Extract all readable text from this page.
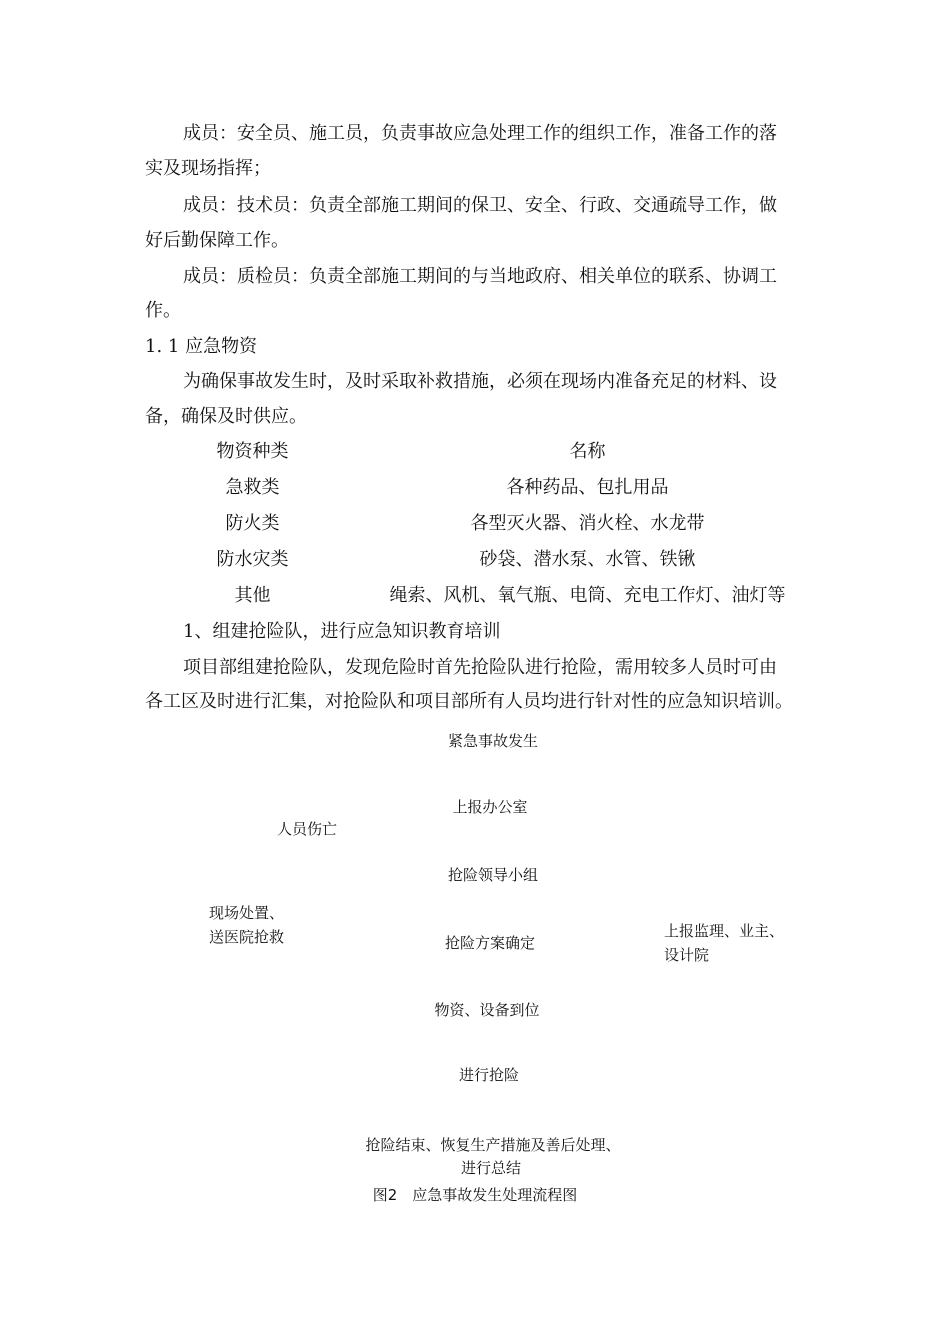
成员：安全员、施工员，负责事故应急处理工作的组织工作，准备工作的落
实及现场指挥；
成员：技术员：负责全部施工期间的保卫、安全、行政、交通疏导工作，做
好后勤保障工作。
成员：质检员：负责全部施工期间的与当地政府、相关单位的联系、协调工
作。
1. 1 应急物资
为确保事故发生时，及时采取补救措施，必须在现场内准备充足的材料、设
备，确保及时供应。
物资种类	名称
急救类	各种药品、包扎用品
防火类	各型灭火器、消火栓、水龙带
防水灾类	砂袋、潜水泵、水管、铁锹
其他	绳索、风机、氧气瓶、电筒、充电工作灯、油灯等
1、组建抢险队，进行应急知识教育培训
项目部组建抢险队，发现危险时首先抢险队进行抢险，需用较多人员时可由
各工区及时进行汇集，对抢险队和项目部所有人员均进行针对性的应急知识培训。
紧急事故发生
上报办公室
人员伤亡
抢险领导小组
现场处置、
送医院抢救	上报监理、业主、
设计院
抢险方案确定
物资、设备到位
进行抢险
抢险结束、恢复生产措施及善后处理、
进行总结
图2　应急事故发生处理流程图
